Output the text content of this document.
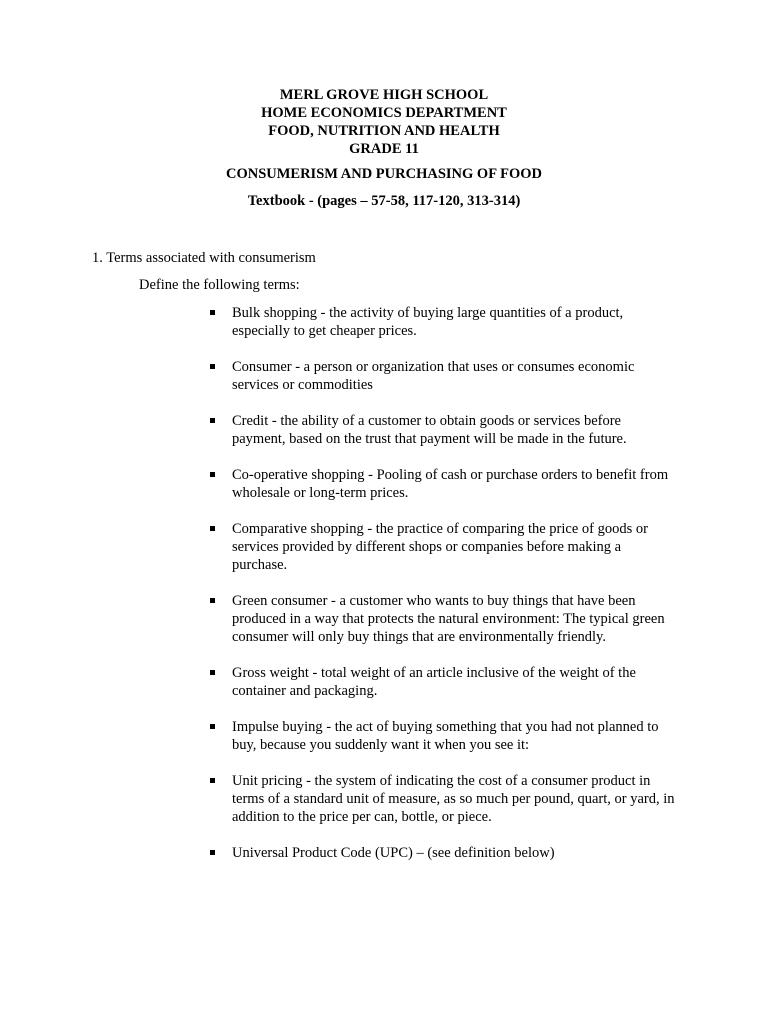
MERL GROVE HIGH SCHOOL
HOME ECONOMICS DEPARTMENT
FOOD, NUTRITION AND HEALTH
GRADE 11
CONSUMERISM AND PURCHASING OF FOOD
Textbook - (pages – 57-58, 117-120, 313-314)
1. Terms associated with consumerism
Define the following terms:
Bulk shopping - the activity of buying large quantities of a product, especially to get cheaper prices.
Consumer - a person or organization that uses or consumes economic services or commodities
Credit - the ability of a customer to obtain goods or services before payment, based on the trust that payment will be made in the future.
Co-operative shopping - Pooling of cash or purchase orders to benefit from wholesale or long-term prices.
Comparative shopping - the practice of comparing the price of goods or services provided by different shops or companies before making a purchase.
Green consumer - a customer who wants to buy things that have been produced in a way that protects the natural environment: The typical green consumer will only buy things that are environmentally friendly.
Gross weight - total weight of an article inclusive of the weight of the container and packaging.
Impulse buying - the act of buying something that you had not planned to buy, because you suddenly want it when you see it:
Unit pricing - the system of indicating the cost of a consumer product in terms of a standard unit of measure, as so much per pound, quart, or yard, in addition to the price per can, bottle, or piece.
Universal Product Code (UPC) – (see definition below)
